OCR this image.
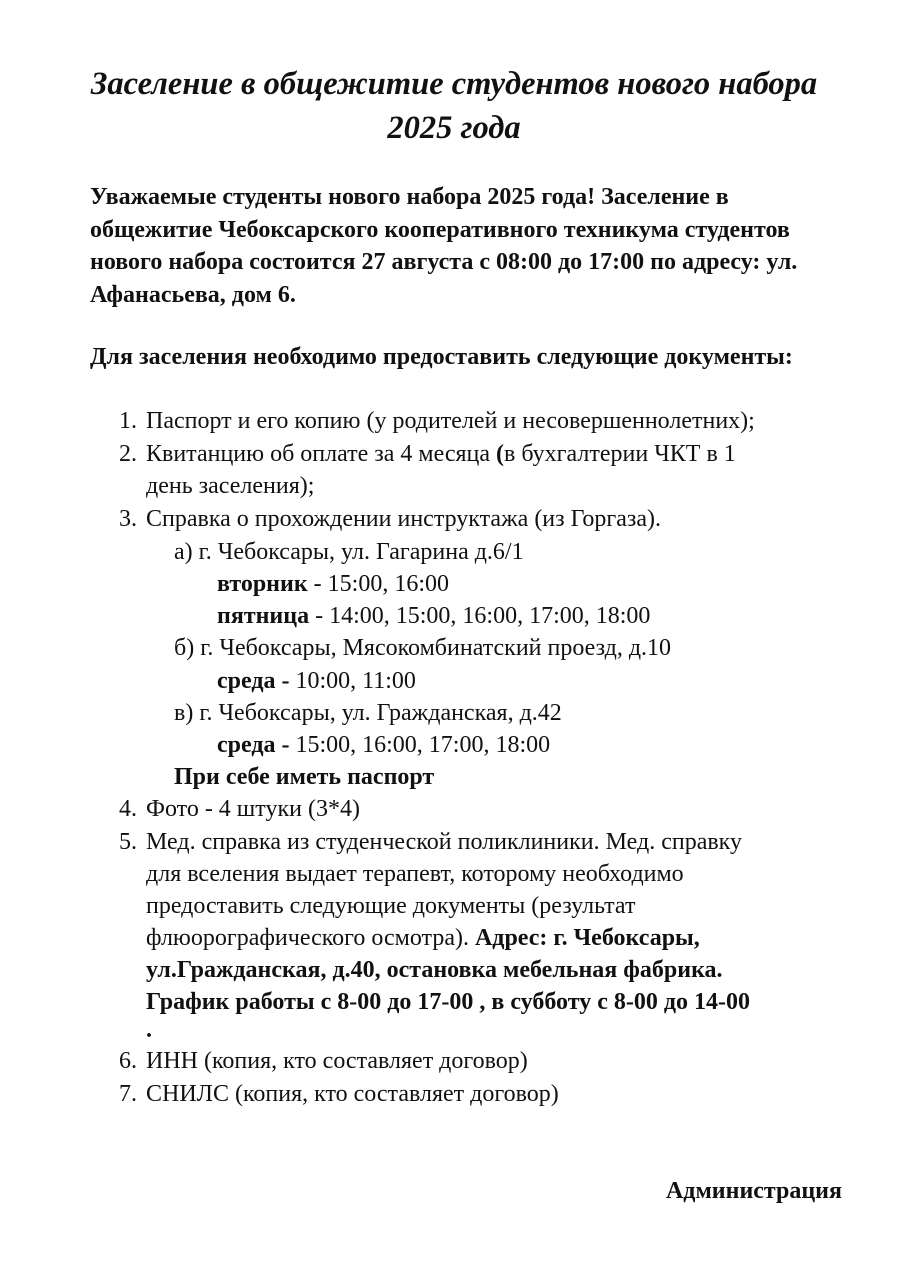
Заселение в общежитие студентов нового набора 2025 года

Уважаемые студенты нового набора 2025 года! Заселение в общежитие Чебоксарского кооперативного техникума студентов нового набора состоится 27 августа с 08:00 до 17:00 по адресу: ул. Афанасьева, дом 6.

Для заселения необходимо предоставить следующие документы:

1. Паспорт и его копию (у родителей и несовершеннолетних);
2. Квитанцию об оплате за 4 месяца (в бухгалтерии ЧКТ в 1
день заселения);
3. Справка о прохождении инструктажа (из Горгаза).
а) г. Чебоксары, ул. Гагарина д.6/1
вторник - 15:00, 16:00
пятница - 14:00, 15:00, 16:00, 17:00, 18:00
б) г. Чебоксары, Мясокомбинатский проезд, д.10
среда - 10:00, 11:00
в) г. Чебоксары, ул. Гражданская, д.42
среда - 15:00, 16:00, 17:00, 18:00
При себе иметь паспорт
4. Фото - 4 штуки (3*4)
5. Мед. справка из студенческой поликлиники. Мед. справку
для вселения выдает терапевт, которому необходимо
предоставить следующие документы (результат
флюорографического осмотра). Адрес: г. Чебоксары,
ул.Гражданская, д.40, остановка мебельная фабрика.
График работы с 8-00 до 17-00 , в субботу с 8-00 до 14-00
.
6. ИНН (копия, кто составляет договор)
7. СНИЛС (копия, кто составляет договор)
Администрация
